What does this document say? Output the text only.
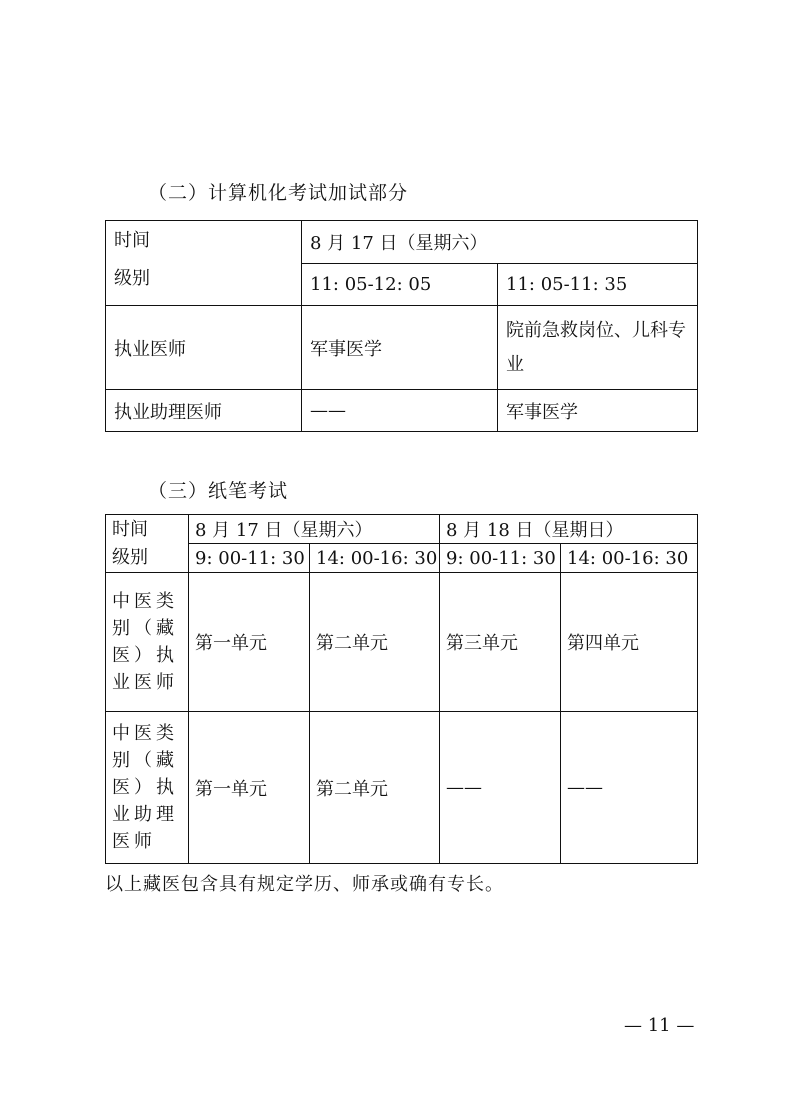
（二）计算机化考试加试部分
时间
级别	8 月 17 日（星期六）	
	11: 05-12: 05	11: 05-11: 35
执业医师	军事医学	院前急救岗位、儿科专业
执业助理医师	——	军事医学
（三）纸笔考试
时间
级别	8 月 17 日（星期六）		8 月 18 日（星期日）	
	9: 00-11: 30	14: 00-16: 30	9: 00-11: 30	14: 00-16: 30
中医类别（藏医）执业医师	第一单元	第二单元	第三单元	第四单元
中医类别（藏医）执业助理医师	第一单元	第二单元	——	——
以上藏医包含具有规定学历、师承或确有专长。
— 11 —
